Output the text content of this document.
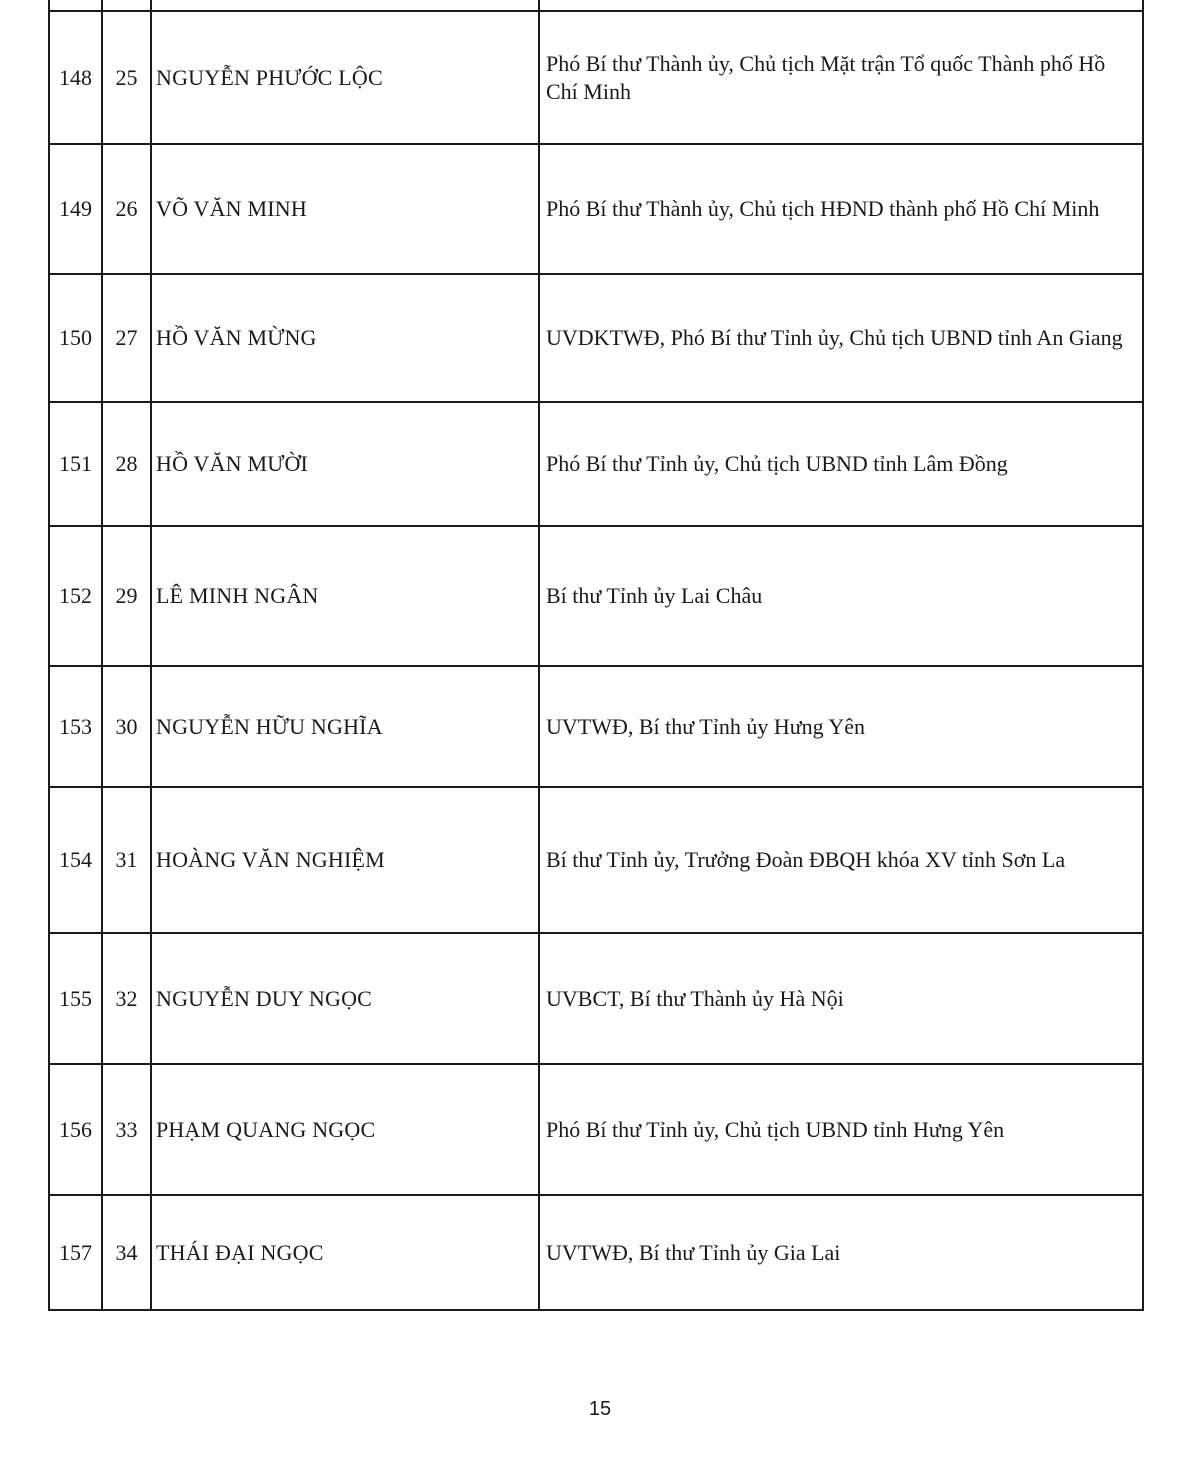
148	25	NGUYỄN PHƯỚC LỘC	Phó Bí thư Thành ủy, Chủ tịch Mặt trận Tổ quốc Thành phố Hồ Chí Minh
149	26	VÕ VĂN MINH	Phó Bí thư Thành ủy, Chủ tịch HĐND thành phố Hồ Chí Minh
150	27	HỒ VĂN MỪNG	UVDKTWĐ, Phó Bí thư Tỉnh ủy, Chủ tịch UBND tỉnh An Giang
151	28	HỒ VĂN MƯỜI	Phó Bí thư Tỉnh ủy, Chủ tịch UBND tỉnh Lâm Đồng
152	29	LÊ MINH NGÂN	Bí thư Tỉnh ủy Lai Châu
153	30	NGUYỄN HỮU NGHĨA	UVTWĐ, Bí thư Tỉnh ủy Hưng Yên
154	31	HOÀNG VĂN NGHIỆM	Bí thư Tỉnh ủy, Trưởng Đoàn ĐBQH khóa XV tỉnh Sơn La
155	32	NGUYỄN DUY NGỌC	UVBCT, Bí thư Thành ủy Hà Nội
156	33	PHẠM QUANG NGỌC	Phó Bí thư Tỉnh ủy, Chủ tịch UBND tỉnh Hưng Yên
157	34	THÁI ĐẠI NGỌC	UVTWĐ, Bí thư Tỉnh ủy Gia Lai
15
